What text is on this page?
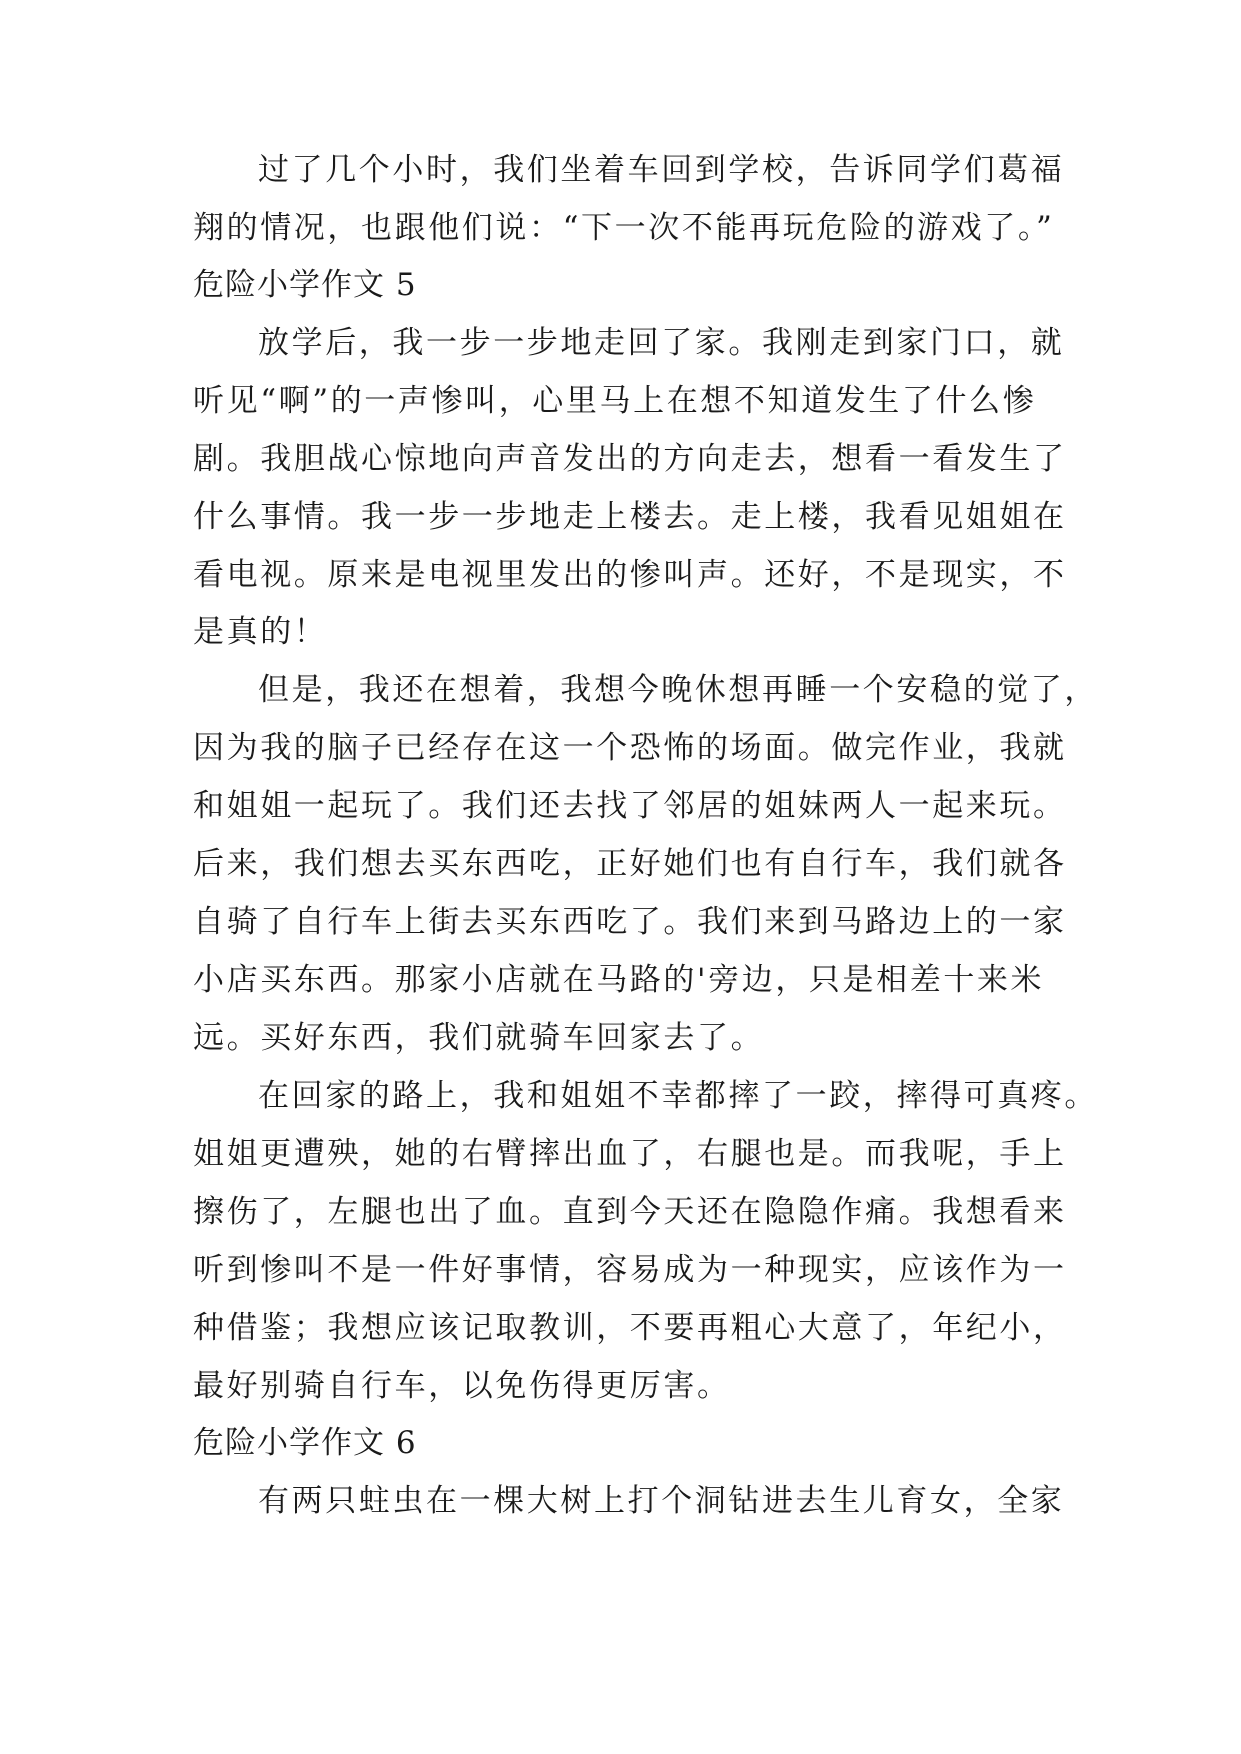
过了几个小时，我们坐着车回到学校，告诉同学们葛福
翔的情况，也跟他们说：“下一次不能再玩危险的游戏了。”
危险小学作文 5
放学后，我一步一步地走回了家。我刚走到家门口，就
听见“啊”的一声惨叫，心里马上在想不知道发生了什么惨
剧。我胆战心惊地向声音发出的方向走去，想看一看发生了
什么事情。我一步一步地走上楼去。走上楼，我看见姐姐在
看电视。原来是电视里发出的惨叫声。还好，不是现实，不
是真的！
但是，我还在想着，我想今晚休想再睡一个安稳的觉了，
因为我的脑子已经存在这一个恐怖的场面。做完作业，我就
和姐姐一起玩了。我们还去找了邻居的姐妹两人一起来玩。
后来，我们想去买东西吃，正好她们也有自行车，我们就各
自骑了自行车上街去买东西吃了。我们来到马路边上的一家
小店买东西。那家小店就在马路的'旁边，只是相差十来米
远。买好东西，我们就骑车回家去了。
在回家的路上，我和姐姐不幸都摔了一跤，摔得可真疼。
姐姐更遭殃，她的右臂摔出血了，右腿也是。而我呢，手上
擦伤了，左腿也出了血。直到今天还在隐隐作痛。我想看来
听到惨叫不是一件好事情，容易成为一种现实，应该作为一
种借鉴；我想应该记取教训，不要再粗心大意了，年纪小，
最好别骑自行车，以免伤得更厉害。
危险小学作文 6
有两只蛀虫在一棵大树上打个洞钻进去生儿育女，全家
